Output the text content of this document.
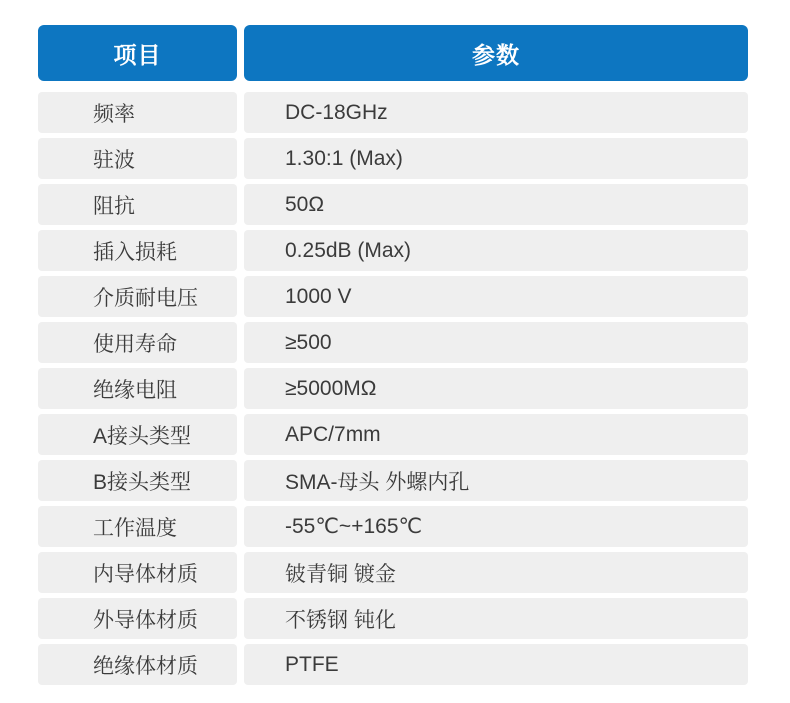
项目	参数
频率	DC-18GHz
驻波	1.30:1 (Max)
阻抗	50Ω
插入损耗	0.25dB (Max)
介质耐电压	1000 V
使用寿命	≥500
绝缘电阻	≥5000MΩ
A接头类型	APC/7mm
B接头类型	SMA-母头 外螺内孔
工作温度	-55℃~+165℃
内导体材质	铍青铜 镀金
外导体材质	不锈钢 钝化
绝缘体材质	PTFE
